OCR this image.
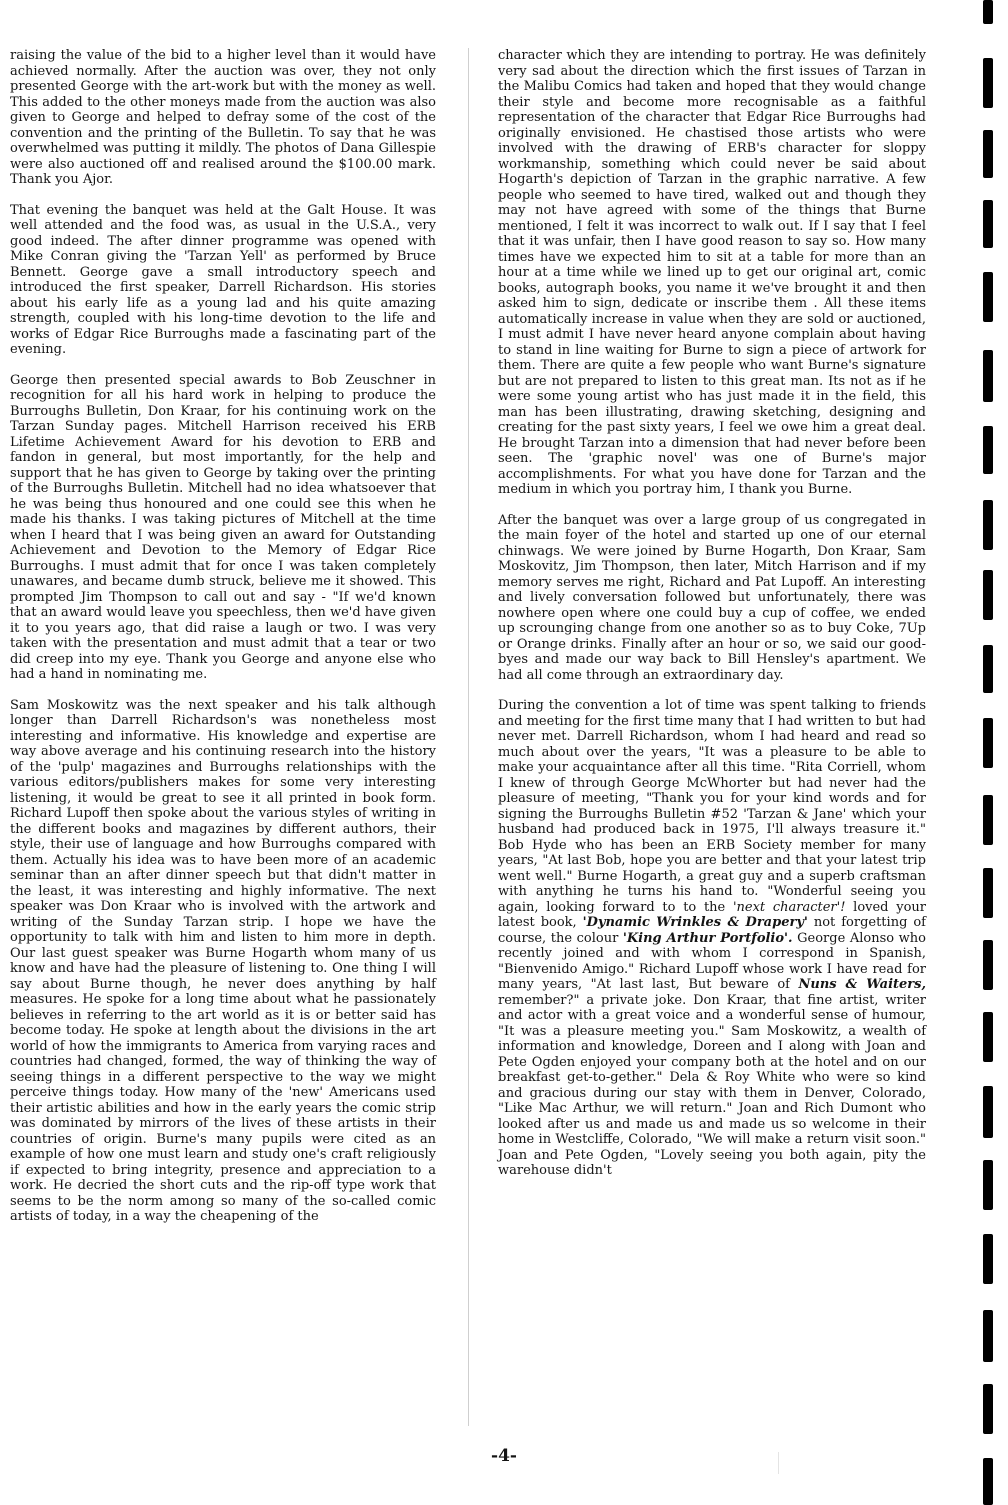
raising the value of the bid to a higher level than it would have achieved normally. After the auction was over, they not only presented George with the art-work but with the money as well. This added to the other moneys made from the auction was also given to George and helped to defray some of the cost of the convention and the printing of the Bulletin. To say that he was overwhelmed was putting it mildly. The photos of Dana Gillespie were also auctioned off and realised around the $100.00 mark. Thank you Ajor.

That evening the banquet was held at the Galt House. It was well attended and the food was, as usual in the U.S.A., very good indeed. The after dinner programme was opened with Mike Conran giving the 'Tarzan Yell' as performed by Bruce Bennett. George gave a small introductory speech and introduced the first speaker, Darrell Richardson. His stories about his early life as a young lad and his quite amazing strength, coupled with his long-time devotion to the life and works of Edgar Rice Burroughs made a fascinating part of the evening.

George then presented special awards to Bob Zeuschner in recognition for all his hard work in helping to produce the Burroughs Bulletin, Don Kraar, for his continuing work on the Tarzan Sunday pages. Mitchell Harrison received his ERB Lifetime Achievement Award for his devotion to ERB and fandon in general, but most importantly, for the help and support that he has given to George by taking over the printing of the Burroughs Bulletin. Mitchell had no idea whatsoever that he was being thus honoured and one could see this when he made his thanks. I was taking pictures of Mitchell at the time when I heard that I was being given an award for Outstanding Achievement and Devotion to the Memory of Edgar Rice Burroughs. I must admit that for once I was taken completely unawares, and became dumb struck, believe me it showed. This prompted Jim Thompson to call out and say - "If we'd known that an award would leave you speechless, then we'd have given it to you years ago, that did raise a laugh or two. I was very taken with the presentation and must admit that a tear or two did creep into my eye. Thank you George and anyone else who had a hand in nominating me.

Sam Moskowitz was the next speaker and his talk although longer than Darrell Richardson's was nonetheless most interesting and informative. His knowledge and expertise are way above average and his continuing research into the history of the 'pulp' magazines and Burroughs relationships with the various editors/publishers makes for some very interesting listening, it would be great to see it all printed in book form. Richard Lupoff then spoke about the various styles of writing in the different books and magazines by different authors, their style, their use of language and how Burroughs compared with them. Actually his idea was to have been more of an academic seminar than an after dinner speech but that didn't matter in the least, it was interesting and highly informative. The next speaker was Don Kraar who is involved with the artwork and writing of the Sunday Tarzan strip. I hope we have the opportunity to talk with him and listen to him more in depth. Our last guest speaker was Burne Hogarth whom many of us know and have had the pleasure of listening to. One thing I will say about Burne though, he never does anything by half measures. He spoke for a long time about what he passionately believes in referring to the art world as it is or better said has become today. He spoke at length about the divisions in the art world of how the immigrants to America from varying races and countries had changed, formed, the way of thinking the way of seeing things in a different perspective to the way we might perceive things today. How many of the 'new' Americans used their artistic abilities and how in the early years the comic strip was dominated by mirrors of the lives of these artists in their countries of origin. Burne's many pupils were cited as an example of how one must learn and study one's craft religiously if expected to bring integrity, presence and appreciation to a work. He decried the short cuts and the rip-off type work that seems to be the norm among so many of the so-called comic artists of today, in a way the cheapening of the

character which they are intending to portray. He was definitely very sad about the direction which the first issues of Tarzan in the Malibu Comics had taken and hoped that they would change their style and become more recognisable as a faithful representation of the character that Edgar Rice Burroughs had originally envisioned. He chastised those artists who were involved with the drawing of ERB's character for sloppy workmanship, something which could never be said about Hogarth's depiction of Tarzan in the graphic narrative. A few people who seemed to have tired, walked out and though they may not have agreed with some of the things that Burne mentioned, I felt it was incorrect to walk out. If I say that I feel that it was unfair, then I have good reason to say so. How many times have we expected him to sit at a table for more than an hour at a time while we lined up to get our original art, comic books, autograph books, you name it we've brought it and then asked him to sign, dedicate or inscribe them . All these items automatically increase in value when they are sold or auctioned, I must admit I have never heard anyone complain about having to stand in line waiting for Burne to sign a piece of artwork for them. There are quite a few people who want Burne's signature but are not prepared to listen to this great man. Its not as if he were some young artist who has just made it in the field, this man has been illustrating, drawing sketching, designing and creating for the past sixty years, I feel we owe him a great deal. He brought Tarzan into a dimension that had never before been seen. The 'graphic novel' was one of Burne's major accomplishments. For what you have done for Tarzan and the medium in which you portray him, I thank you Burne.

After the banquet was over a large group of us congregated in the main foyer of the hotel and started up one of our eternal chinwags. We were joined by Burne Hogarth, Don Kraar, Sam Moskovitz, Jim Thompson, then later, Mitch Harrison and if my memory serves me right, Richard and Pat Lupoff. An interesting and lively conversation followed but unfortunately, there was nowhere open where one could buy a cup of coffee, we ended up scrounging change from one another so as to buy Coke, 7Up or Orange drinks. Finally after an hour or so, we said our good-byes and made our way back to Bill Hensley's apartment. We had all come through an extraordinary day.

During the convention a lot of time was spent talking to friends and meeting for the first time many that I had written to but had never met. Darrell Richardson, whom I had heard and read so much about over the years, "It was a pleasure to be able to make your acquaintance after all this time. "Rita Corriell, whom I knew of through George McWhorter but had never had the pleasure of meeting, "Thank you for your kind words and for signing the Burroughs Bulletin #52 'Tarzan & Jane' which your husband had produced back in 1975, I'll always treasure it." Bob Hyde who has been an ERB Society member for many years, "At last Bob, hope you are better and that your latest trip went well." Burne Hogarth, a great guy and a superb craftsman with anything he turns his hand to. "Wonderful seeing you again, looking forward to to the 'next character'! loved your latest book, 'Dynamic Wrinkles & Drapery' not forgetting of course, the colour 'King Arthur Portfolio'. George Alonso who recently joined and with whom I correspond in Spanish, "Bienvenido Amigo." Richard Lupoff whose work I have read for many years, "At last last, But beware of Nuns & Waiters, remember?" a private joke. Don Kraar, that fine artist, writer and actor with a great voice and a wonderful sense of humour, "It was a pleasure meeting you." Sam Moskowitz, a wealth of information and knowledge, Doreen and I along with Joan and Pete Ogden enjoyed your company both at the hotel and on our breakfast get-to-gether." Dela & Roy White who were so kind and gracious during our stay with them in Denver, Colorado, "Like Mac Arthur, we will return." Joan and Rich Dumont who looked after us and made us and made us so welcome in their home in Westcliffe, Colorado, "We will make a return visit soon." Joan and Pete Ogden, "Lovely seeing you both again, pity the warehouse didn't

-4-
